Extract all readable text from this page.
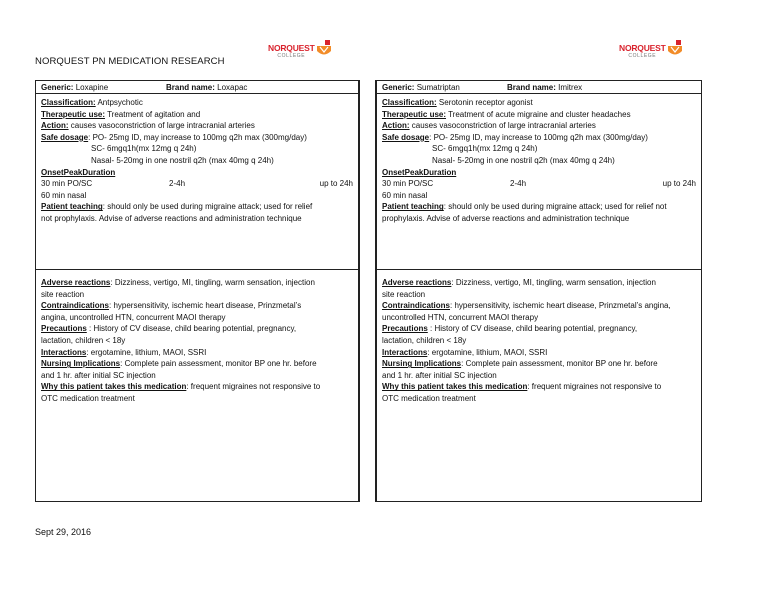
NORQUEST PN MEDICATION RESEARCH
NORQUEST
COLLEGE
NORQUEST
COLLEGE
Generic: Loxapine	Brand name: Loxapac
Classification: Antpsychotic
Therapeutic use: Treatment of agitation and
Action: causes vasoconstriction of large intracranial arteries
Safe dosage: PO- 25mg ID, may increase to 100mg q2h max (300mg/day)
SC- 6mgq1h(mx 12mg q 24h)
Nasal- 5-20mg in one nostril q2h (max 40mg q 24h)
Onset Peak Duration
30 min PO/SC	2-4h	up to 24h
60 min nasal
Patient teaching: should only be used during migraine attack; used for relief
not prophylaxis. Advise of adverse reactions and administration technique
Adverse reactions: Dizziness, vertigo, MI, tingling, warm sensation, injection
site reaction
Contraindications: hypersensitivity, ischemic heart disease, Prinzmetal’s
angina, uncontrolled HTN, concurrent MAOI therapy
Precautions : History of CV disease, child bearing potential, pregnancy,
lactation, children < 18y
Interactions: ergotamine, lithium, MAOI, SSRI
Nursing Implications: Complete pain assessment, monitor BP one hr. before
and 1 hr. after initial SC injection
Why this patient takes this medication: frequent migraines not responsive to
OTC medication treatment
Generic: Sumatriptan	Brand name: Imitrex
Classification: Serotonin receptor agonist
Therapeutic use: Treatment of acute migraine and cluster headaches
Action: causes vasoconstriction of large intracranial arteries
Safe dosage: PO- 25mg ID, may increase to 100mg q2h max (300mg/day)
SC- 6mgq1h(mx 12mg q 24h)
Nasal- 5-20mg in one nostril q2h (max 40mg q 24h)
Onset Peak Duration
30 min PO/SC	2-4h	up to 24h
60 min nasal
Patient teaching: should only be used during migraine attack; used for relief not
prophylaxis. Advise of adverse reactions and administration technique
Adverse reactions: Dizziness, vertigo, MI, tingling, warm sensation, injection
site reaction
Contraindications: hypersensitivity, ischemic heart disease, Prinzmetal’s angina,
uncontrolled HTN, concurrent MAOI therapy
Precautions : History of CV disease, child bearing potential, pregnancy,
lactation, children < 18y
Interactions: ergotamine, lithium, MAOI, SSRI
Nursing Implications: Complete pain assessment, monitor BP one hr. before
and 1 hr. after initial SC injection
Why this patient takes this medication: frequent migraines not responsive to
OTC medication treatment
Sept 29, 2016
